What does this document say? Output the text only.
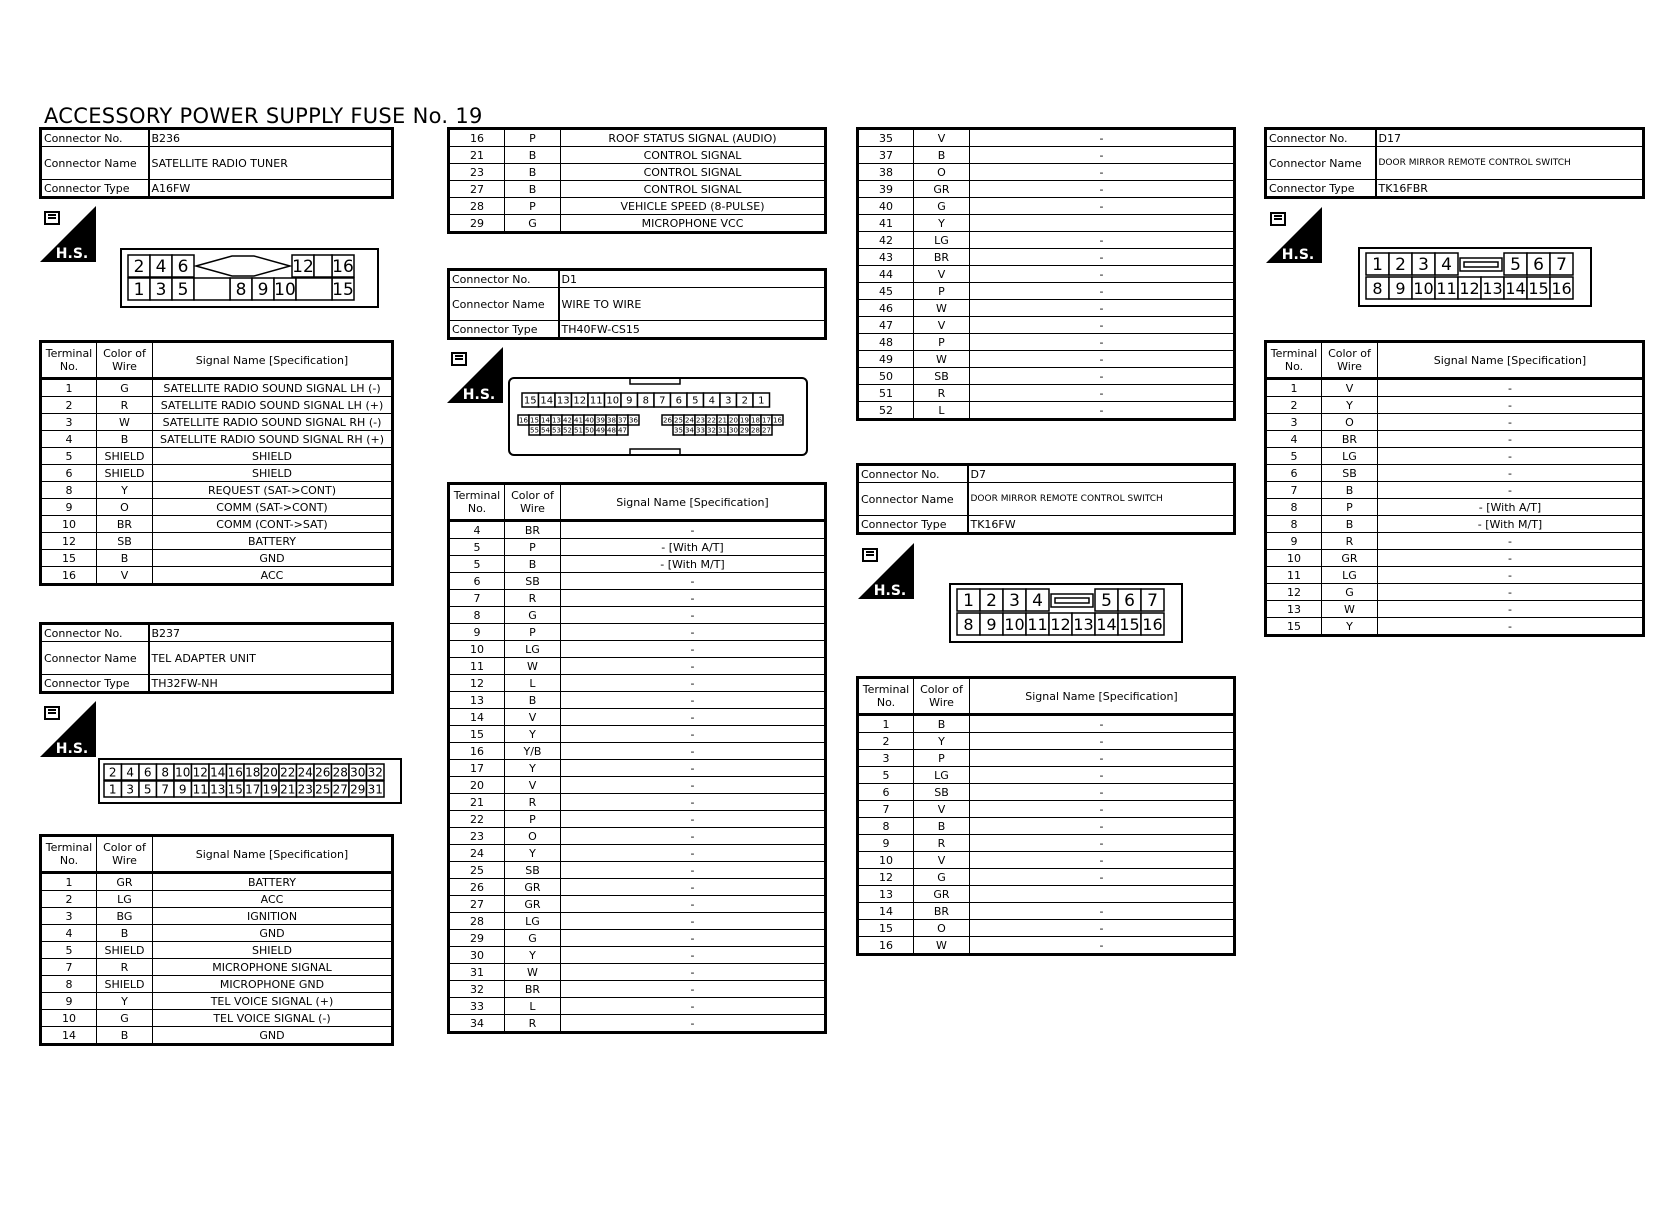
ACCESSORY POWER SUPPLY FUSE No. 19
Connector No.	B236
Connector Name	SATELLITE RADIO TUNER
Connector Type	A16FW
H.S.
2 4 6	12 16
1 3 5	8 9 10 15
Terminal No.	Color of Wire	Signal Name [Specification]
1	G	SATELLITE RADIO SOUND SIGNAL LH (-)
2	R	SATELLITE RADIO SOUND SIGNAL LH (+)
3	W	SATELLITE RADIO SOUND SIGNAL RH (-)
4	B	SATELLITE RADIO SOUND SIGNAL RH (+)
5	SHIELD	SHIELD
6	SHIELD	SHIELD
8	Y	REQUEST (SAT->CONT)
9	O	COMM (SAT->CONT)
10	BR	COMM (CONT->SAT)
12	SB	BATTERY
15	B	GND
16	V	ACC
Connector No.	B237
Connector Name	TEL ADAPTER UNIT
Connector Type	TH32FW-NH
H.S.
2 4 6 8 10 12 14 16 18 20 22 24 26 28 30 32
1 3 5 7 9 11 13 15 17 19 21 23 25 27 29 31
Terminal No.	Color of Wire	Signal Name [Specification]
1	GR	BATTERY
2	LG	ACC
3	BG	IGNITION
4	B	GND
5	SHIELD	SHIELD
7	R	MICROPHONE SIGNAL
8	SHIELD	MICROPHONE GND
9	Y	TEL VOICE SIGNAL (+)
10	G	TEL VOICE SIGNAL (-)
14	B	GND
16	P	ROOF STATUS SIGNAL (AUDIO)
21	B	CONTROL SIGNAL
23	B	CONTROL SIGNAL
27	B	CONTROL SIGNAL
28	P	VEHICLE SPEED (8-PULSE)
29	G	MICROPHONE VCC
Connector No.	D1
Connector Name	WIRE TO WIRE
Connector Type	TH40FW-CS15
H.S.	15 14 13 12 11 10 9 8 7 6 5 4 3 2 1
16 15 14 13 42 41 40 39 38 37 36
55 54 53 52 51 50 49 48 47
26 25 24 23 22 21 20 19 18 17 16
35 34 33 32 31 30 29 28 27
Terminal No.	Color of Wire	Signal Name [Specification]
4	BR	-
5	P	- [With A/T]
5	B	- [With M/T]
6	SB	-
7	R	-
8	G	-
9	P	-
10	LG	-
11	W	-
12	L	-
13	B	-
14	V	-
15	Y	-
16	Y/B	-
17	Y	-
20	V	-
21	R	-
22	P	-
23	O	-
24	Y	-
25	SB	-
26	GR	-
27	GR	-
28	LG	-
29	G	-
30	Y	-
31	W	-
32	BR	-
33	L	-
34	R	-
35	V	-
37	B	-
38	O	-
39	GR	-
40	G	-
41	Y	
42	LG	-
43	BR	-
44	V	-
45	P	-
46	W	-
47	V	-
48	P	-
49	W	-
50	SB	-
51	R	-
52	L	-
Connector No.	D7
Connector Name	DOOR MIRROR REMOTE CONTROL SWITCH
Connector Type	TK16FW
H.S.
1 2 3 4	5 6 7
8 9 10 11 12 13 14 15 16
Terminal No.	Color of Wire	Signal Name [Specification]
1	B	-
2	Y	-
3	P	-
5	LG	-
6	SB	-
7	V	-
8	B	-
9	R	-
10	V	-
12	G	-
13	GR	
14	BR	-
15	O	-
16	W	-
Connector No.	D17
Connector Name	DOOR MIRROR REMOTE CONTROL SWITCH
Connector Type	TK16FBR
H.S.
1 2 3 4	5 6 7
8 9 10 11 12 13 14 15 16
Terminal No.	Color of Wire	Signal Name [Specification]
1	V	-
2	Y	-
3	O	-
4	BR	-
5	LG	-
6	SB	-
7	B	-
8	P	- [With A/T]
8	B	- [With M/T]
9	R	-
10	GR	-
11	LG	-
12	G	-
13	W	-
15	Y	-
